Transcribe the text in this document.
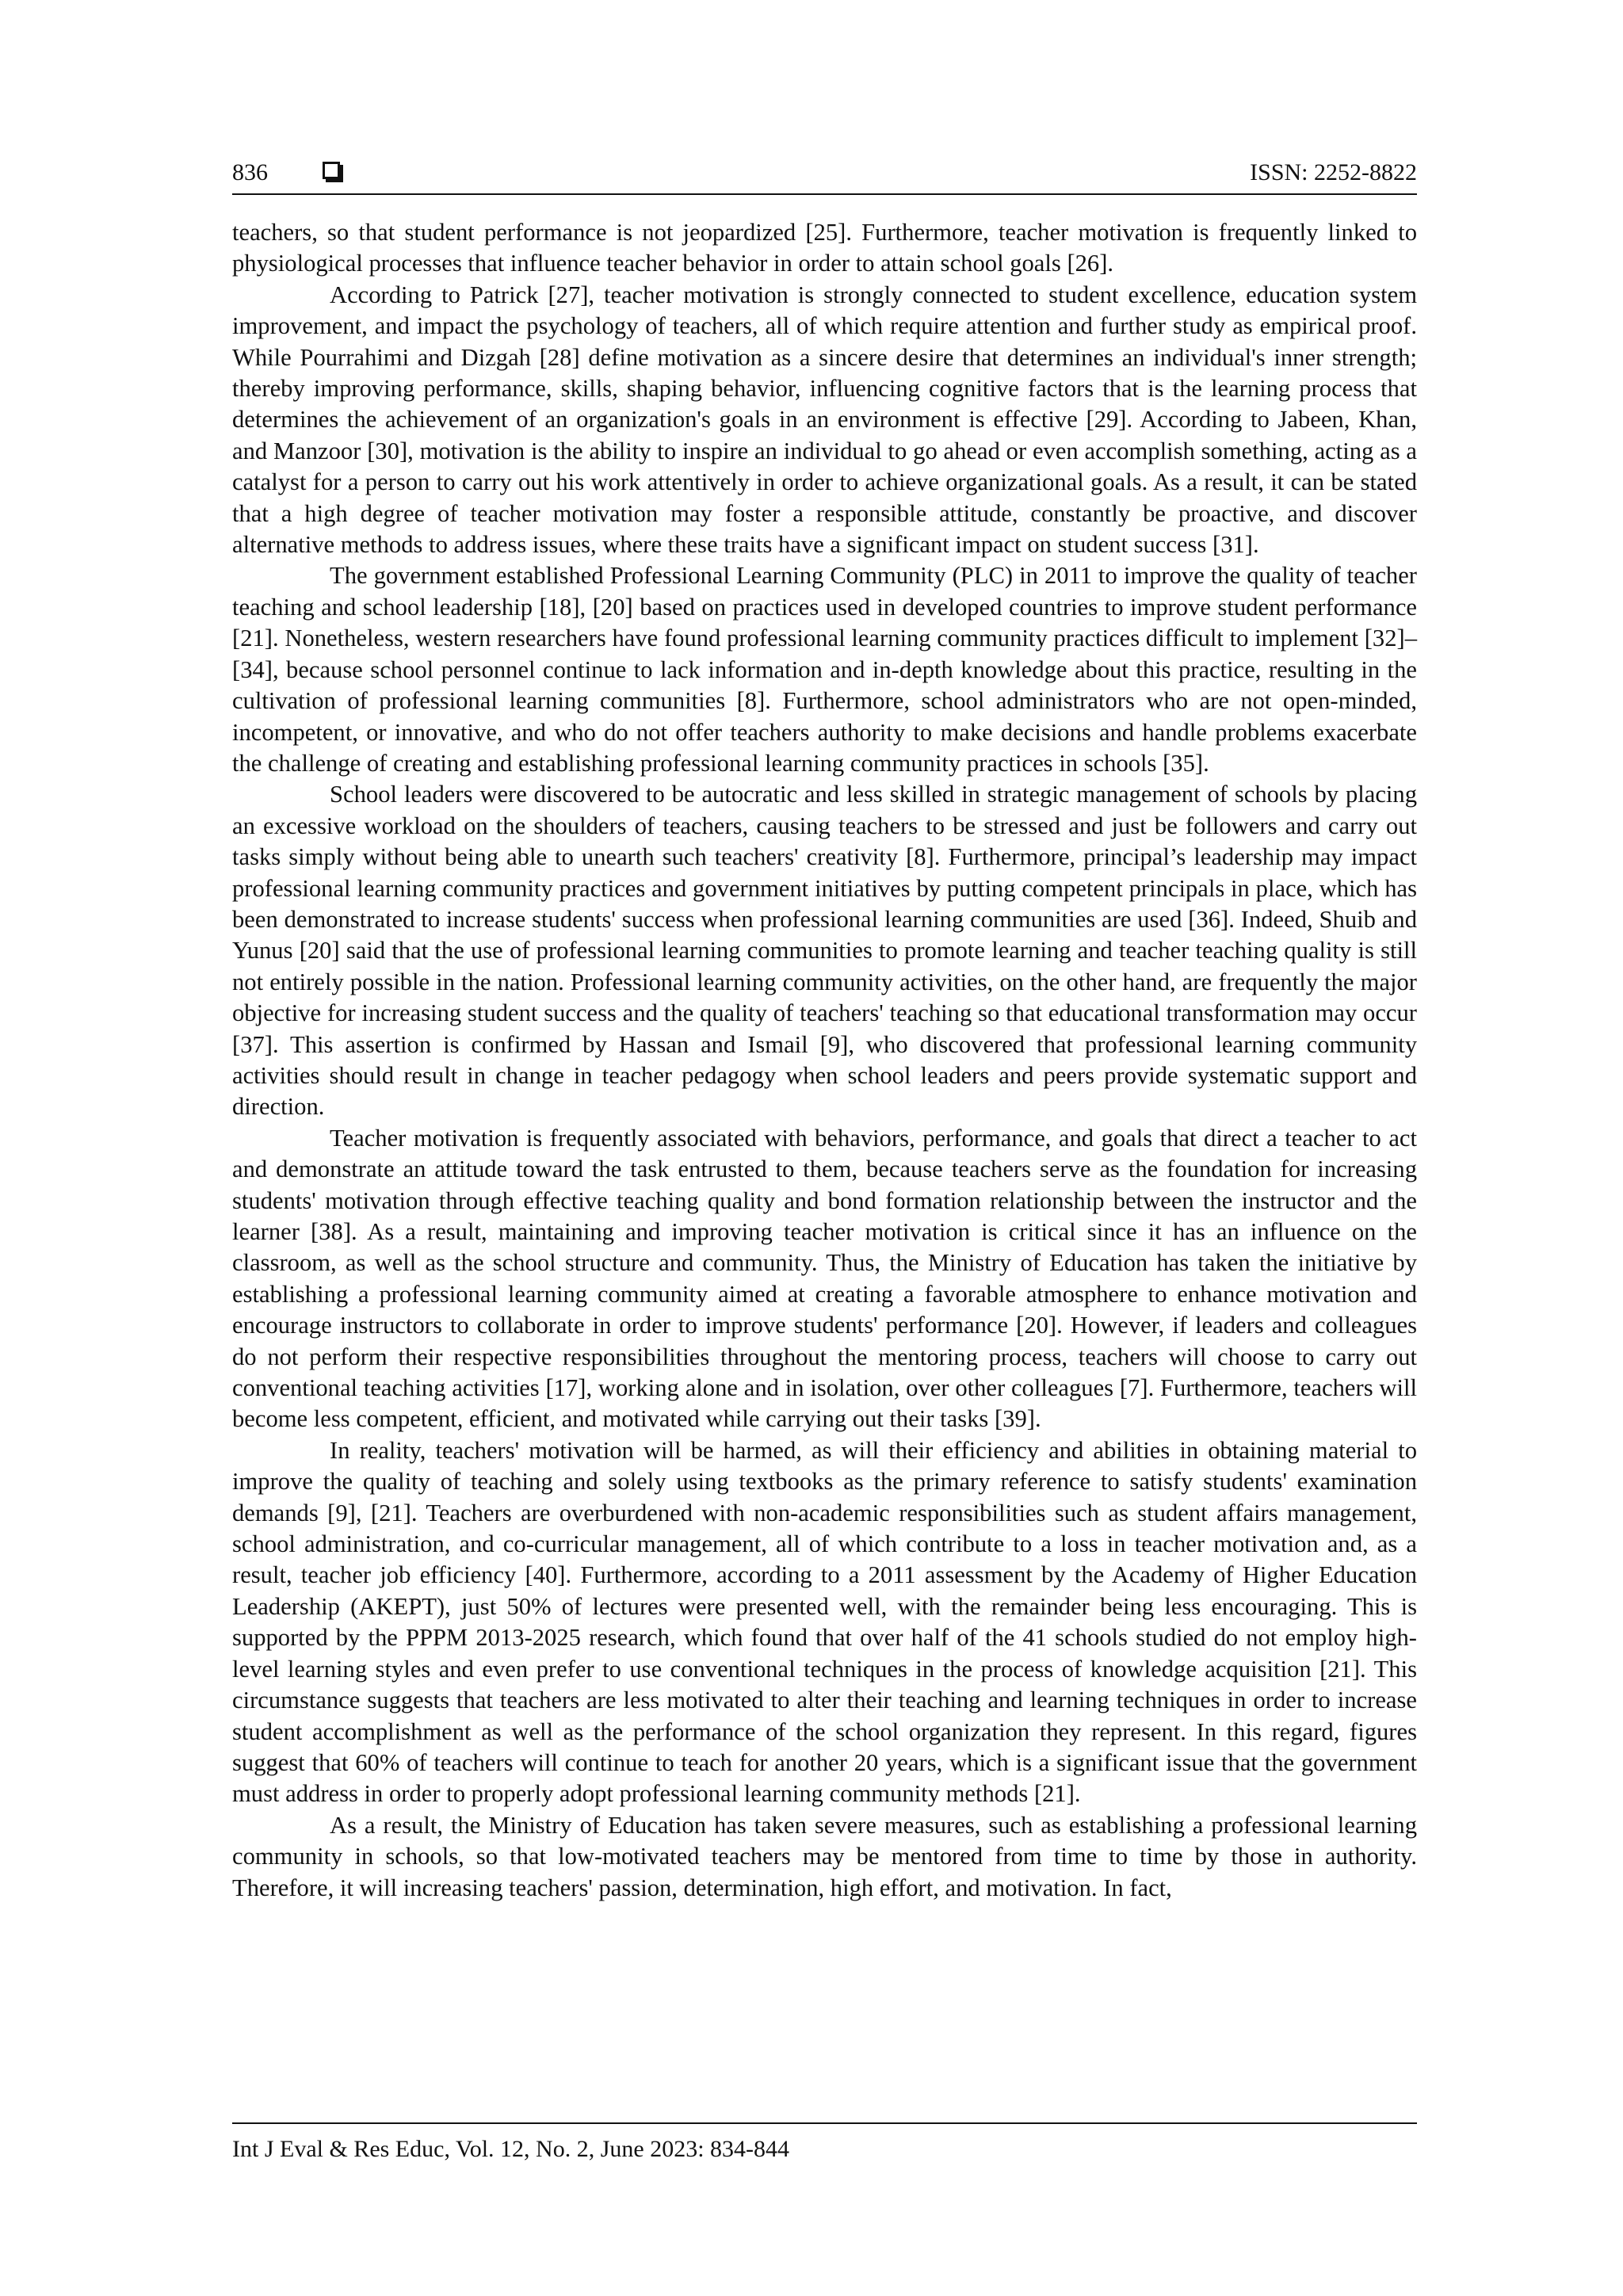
836	ISSN: 2252-8822

teachers, so that student performance is not jeopardized [25]. Furthermore, teacher motivation is frequently linked to physiological processes that influence teacher behavior in order to attain school goals [26].

According to Patrick [27], teacher motivation is strongly connected to student excellence, education system improvement, and impact the psychology of teachers, all of which require attention and further study as empirical proof. While Pourrahimi and Dizgah [28] define motivation as a sincere desire that determines an individual's inner strength; thereby improving performance, skills, shaping behavior, influencing cognitive factors that is the learning process that determines the achievement of an organization's goals in an environment is effective [29]. According to Jabeen, Khan, and Manzoor [30], motivation is the ability to inspire an individual to go ahead or even accomplish something, acting as a catalyst for a person to carry out his work attentively in order to achieve organizational goals. As a result, it can be stated that a high degree of teacher motivation may foster a responsible attitude, constantly be proactive, and discover alternative methods to address issues, where these traits have a significant impact on student success [31].

The government established Professional Learning Community (PLC) in 2011 to improve the quality of teacher teaching and school leadership [18], [20] based on practices used in developed countries to improve student performance [21]. Nonetheless, western researchers have found professional learning community practices difficult to implement [32]–[34], because school personnel continue to lack information and in-depth knowledge about this practice, resulting in the cultivation of professional learning communities [8]. Furthermore, school administrators who are not open-minded, incompetent, or innovative, and who do not offer teachers authority to make decisions and handle problems exacerbate the challenge of creating and establishing professional learning community practices in schools [35].

School leaders were discovered to be autocratic and less skilled in strategic management of schools by placing an excessive workload on the shoulders of teachers, causing teachers to be stressed and just be followers and carry out tasks simply without being able to unearth such teachers' creativity [8]. Furthermore, principal’s leadership may impact professional learning community practices and government initiatives by putting competent principals in place, which has been demonstrated to increase students' success when professional learning communities are used [36]. Indeed, Shuib and Yunus [20] said that the use of professional learning communities to promote learning and teacher teaching quality is still not entirely possible in the nation. Professional learning community activities, on the other hand, are frequently the major objective for increasing student success and the quality of teachers' teaching so that educational transformation may occur [37]. This assertion is confirmed by Hassan and Ismail [9], who discovered that professional learning community activities should result in change in teacher pedagogy when school leaders and peers provide systematic support and direction.

Teacher motivation is frequently associated with behaviors, performance, and goals that direct a teacher to act and demonstrate an attitude toward the task entrusted to them, because teachers serve as the foundation for increasing students' motivation through effective teaching quality and bond formation relationship between the instructor and the learner [38]. As a result, maintaining and improving teacher motivation is critical since it has an influence on the classroom, as well as the school structure and community. Thus, the Ministry of Education has taken the initiative by establishing a professional learning community aimed at creating a favorable atmosphere to enhance motivation and encourage instructors to collaborate in order to improve students' performance [20]. However, if leaders and colleagues do not perform their respective responsibilities throughout the mentoring process, teachers will choose to carry out conventional teaching activities [17], working alone and in isolation, over other colleagues [7]. Furthermore, teachers will become less competent, efficient, and motivated while carrying out their tasks [39].

In reality, teachers' motivation will be harmed, as will their efficiency and abilities in obtaining material to improve the quality of teaching and solely using textbooks as the primary reference to satisfy students' examination demands [9], [21]. Teachers are overburdened with non-academic responsibilities such as student affairs management, school administration, and co-curricular management, all of which contribute to a loss in teacher motivation and, as a result, teacher job efficiency [40]. Furthermore, according to a 2011 assessment by the Academy of Higher Education Leadership (AKEPT), just 50% of lectures were presented well, with the remainder being less encouraging. This is supported by the PPPM 2013-2025 research, which found that over half of the 41 schools studied do not employ high-level learning styles and even prefer to use conventional techniques in the process of knowledge acquisition [21]. This circumstance suggests that teachers are less motivated to alter their teaching and learning techniques in order to increase student accomplishment as well as the performance of the school organization they represent. In this regard, figures suggest that 60% of teachers will continue to teach for another 20 years, which is a significant issue that the government must address in order to properly adopt professional learning community methods [21].

As a result, the Ministry of Education has taken severe measures, such as establishing a professional learning community in schools, so that low-motivated teachers may be mentored from time to time by those in authority. Therefore, it will increasing teachers' passion, determination, high effort, and motivation. In fact,

Int J Eval & Res Educ, Vol. 12, No. 2, June 2023: 834-844
